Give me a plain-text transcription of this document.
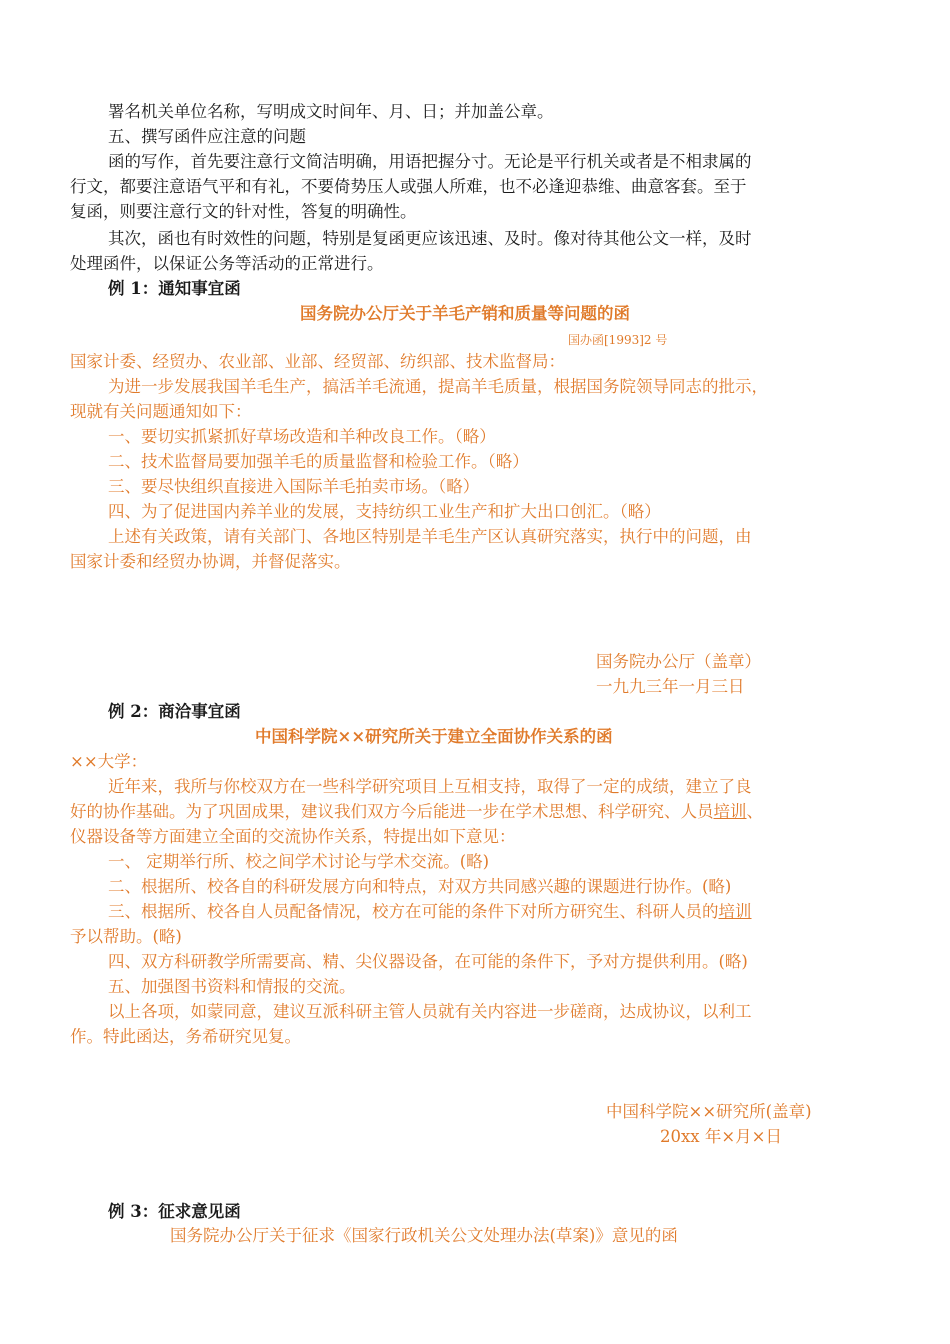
署名机关单位名称，写明成文时间年、月、日；并加盖公章。
五、撰写函件应注意的问题
函的写作，首先要注意行文简洁明确，用语把握分寸。无论是平行机关或者是不相隶属的
行文，都要注意语气平和有礼，不要倚势压人或强人所难，也不必逢迎恭维、曲意客套。至于
复函，则要注意行文的针对性，答复的明确性。
其次，函也有时效性的问题，特别是复函更应该迅速、及时。像对待其他公文一样，及时
处理函件，以保证公务等活动的正常进行。
例 1：通知事宜函
国务院办公厅关于羊毛产销和质量等问题的函
国办函[1993]2 号
国家计委、经贸办、农业部、业部、经贸部、纺织部、技术监督局：
为进一步发展我国羊毛生产，搞活羊毛流通，提高羊毛质量，根据国务院领导同志的批示，
现就有关问题通知如下：
一、要切实抓紧抓好草场改造和羊种改良工作。（略）
二、技术监督局要加强羊毛的质量监督和检验工作。（略）
三、要尽快组织直接进入国际羊毛拍卖市场。（略）
四、为了促进国内养羊业的发展，支持纺织工业生产和扩大出口创汇。（略）
上述有关政策，请有关部门、各地区特别是羊毛生产区认真研究落实，执行中的问题，由
国家计委和经贸办协调，并督促落实。
国务院办公厅（盖章）
一九九三年一月三日
例 2：商洽事宜函
中国科学院××研究所关于建立全面协作关系的函
××大学：
近年来，我所与你校双方在一些科学研究项目上互相支持，取得了一定的成绩，建立了良
好的协作基础。为了巩固成果，建议我们双方今后能进一步在学术思想、科学研究、人员培训、
仪器设备等方面建立全面的交流协作关系，特提出如下意见：
一、 定期举行所、校之间学术讨论与学术交流。(略)
二、根据所、校各自的科研发展方向和特点，对双方共同感兴趣的课题进行协作。(略)
三、根据所、校各自人员配备情况，校方在可能的条件下对所方研究生、科研人员的培训
予以帮助。(略)
四、双方科研教学所需要高、精、尖仪器设备，在可能的条件下，予对方提供利用。(略)
五、加强图书资料和情报的交流。
以上各项，如蒙同意，建议互派科研主管人员就有关内容进一步磋商，达成协议，以利工
作。特此函达，务希研究见复。
中国科学院××研究所(盖章)
20xx 年×月×日
例 3：征求意见函
国务院办公厅关于征求《国家行政机关公文处理办法(草案)》意见的函
